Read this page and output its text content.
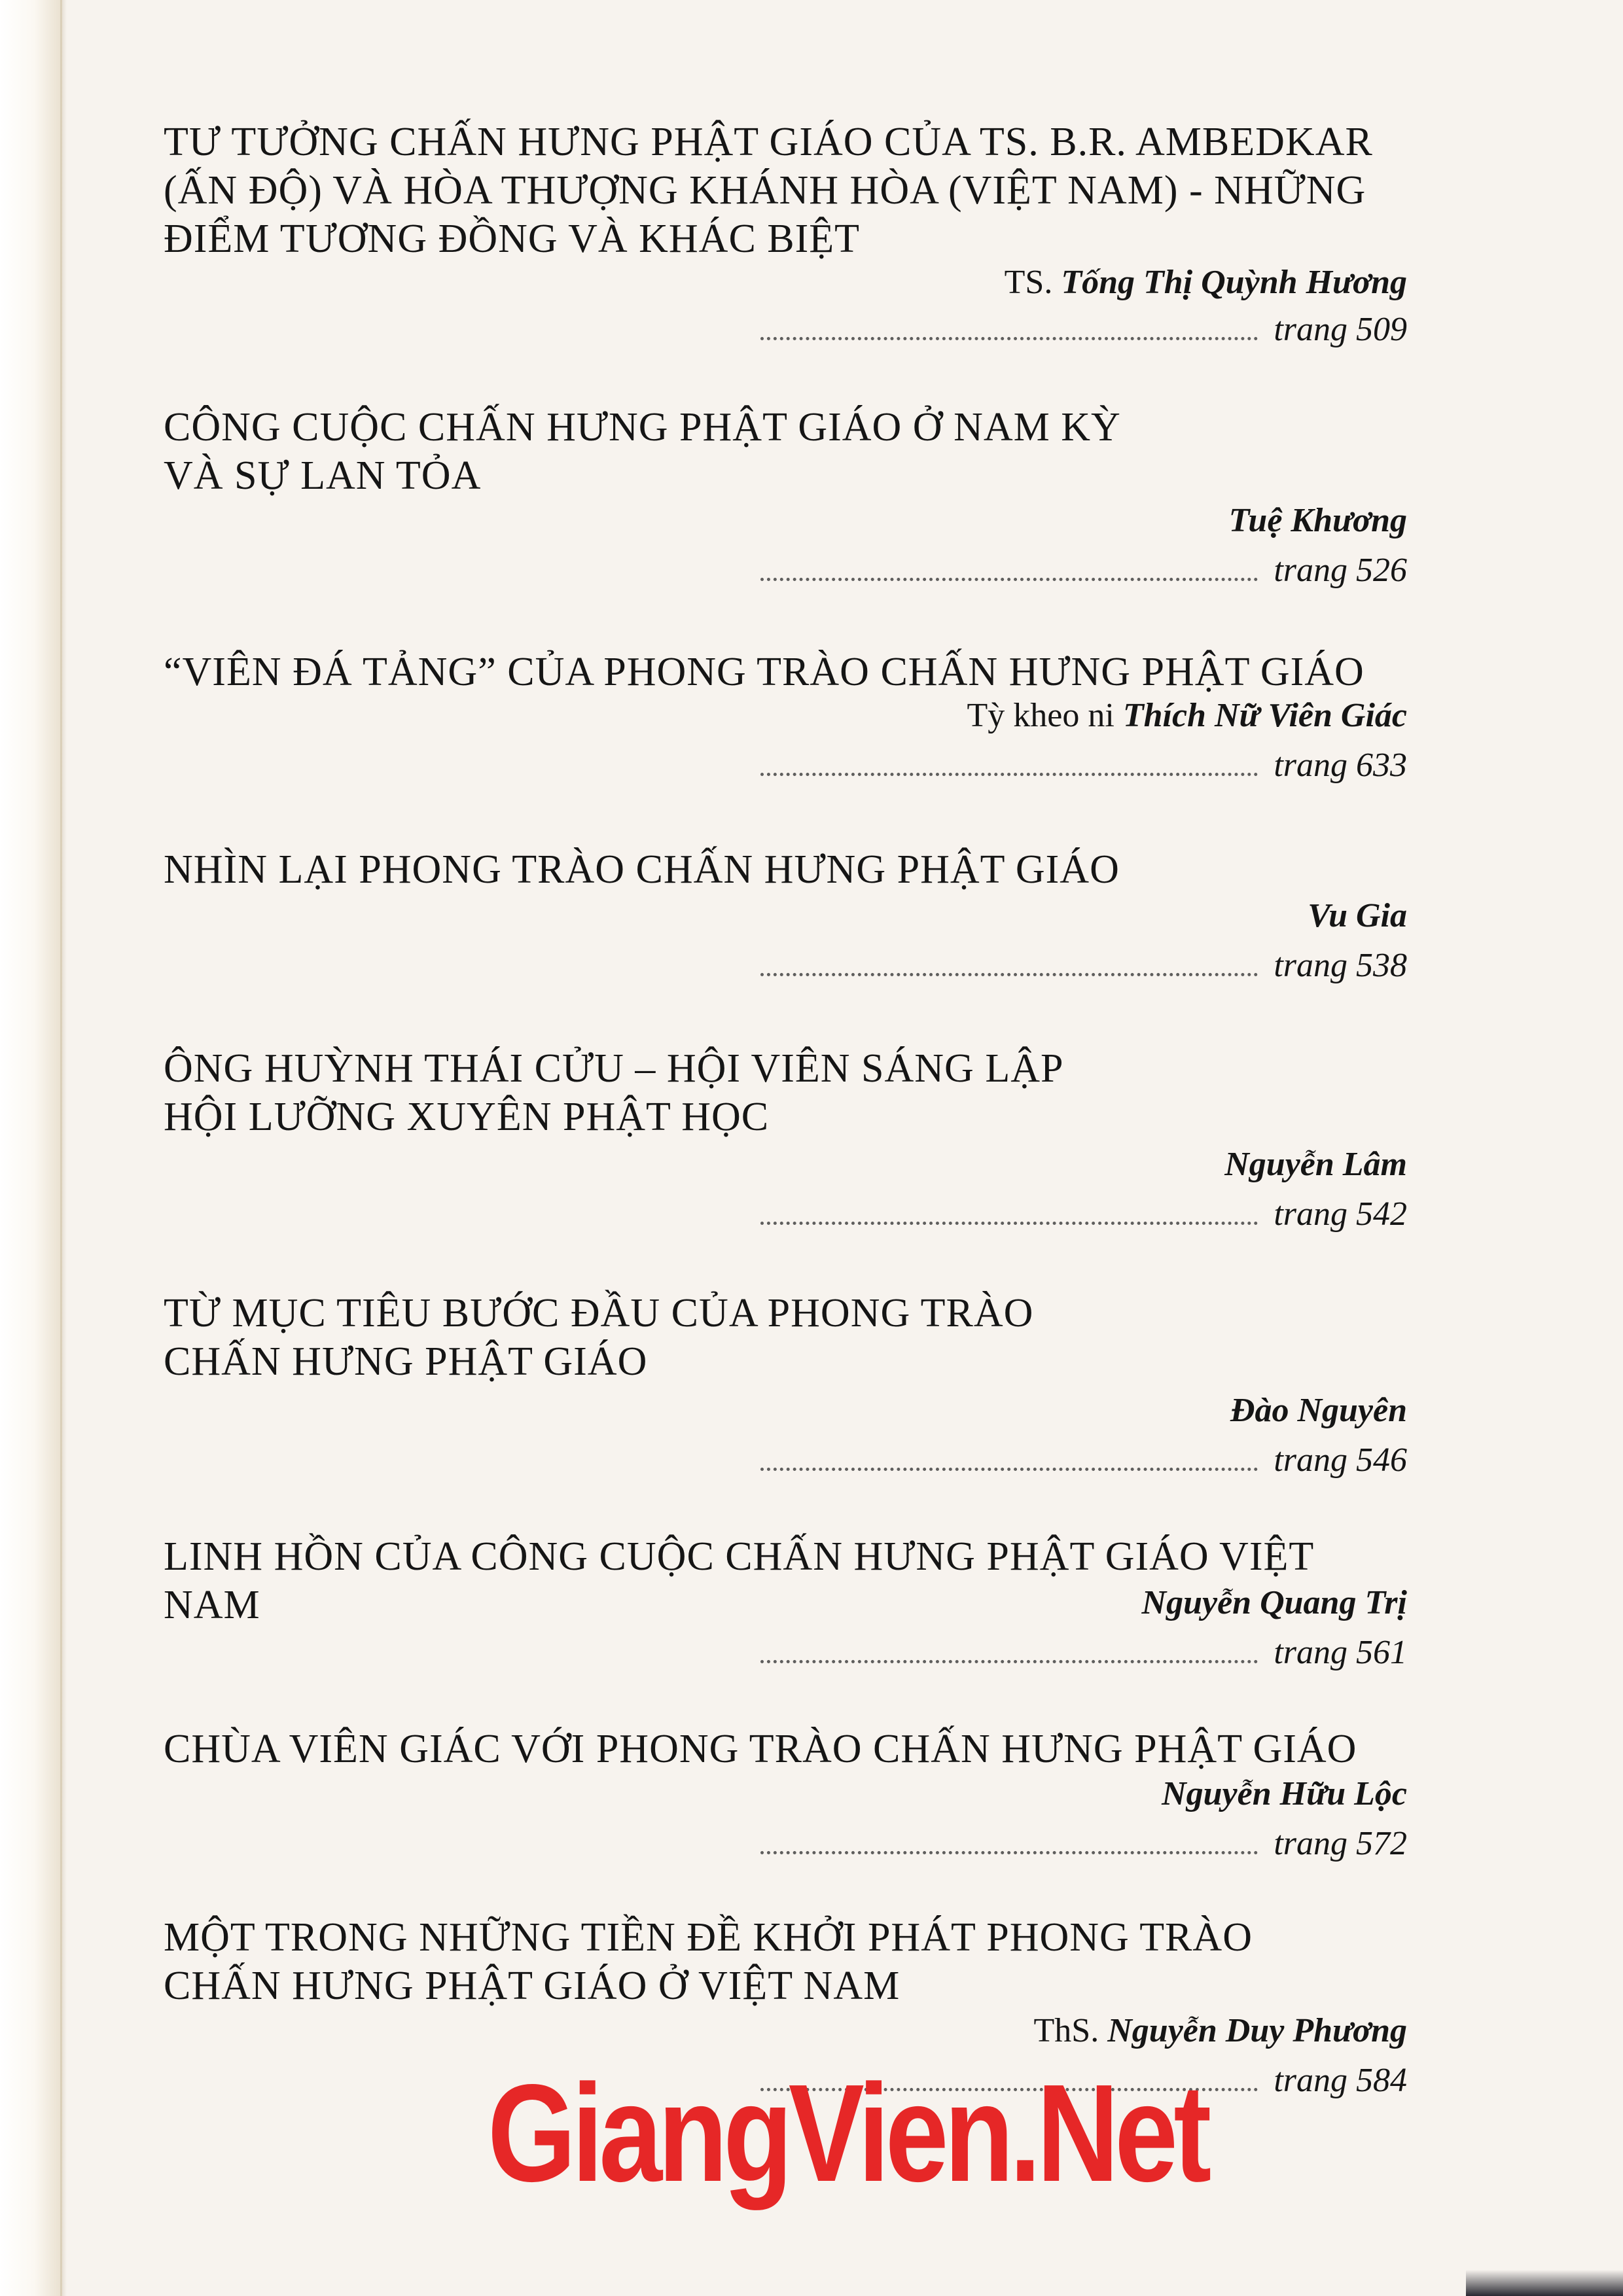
TƯ TƯỞNG CHẤN HƯNG PHẬT GIÁO CỦA TS. B.R. AMBEDKAR
(ẤN ĐỘ) VÀ HÒA THƯỢNG KHÁNH HÒA (VIỆT NAM) - NHỮNG
ĐIỂM TƯƠNG ĐỒNG VÀ KHÁC BIỆT
TS. Tống Thị Quỳnh Hương
trang 509
CÔNG CUỘC CHẤN HƯNG PHẬT GIÁO Ở NAM KỲ
VÀ SỰ LAN TỎA
Tuệ Khương
trang 526
“VIÊN ĐÁ TẢNG” CỦA PHONG TRÀO CHẤN HƯNG PHẬT GIÁO
Tỳ kheo ni Thích Nữ Viên Giác
trang 633
NHÌN LẠI PHONG TRÀO CHẤN HƯNG PHẬT GIÁO
Vu Gia
trang 538
ÔNG HUỲNH THÁI CỬU – HỘI VIÊN SÁNG LẬP
HỘI LƯỠNG XUYÊN PHẬT HỌC
Nguyễn Lâm
trang 542
TỪ MỤC TIÊU BƯỚC ĐẦU CỦA PHONG TRÀO
CHẤN HƯNG PHẬT GIÁO
Đào Nguyên
trang 546
LINH HỒN CỦA CÔNG CUỘC CHẤN HƯNG PHẬT GIÁO VIỆT NAM	Nguyễn Quang Trị
trang 561
CHÙA VIÊN GIÁC VỚI PHONG TRÀO CHẤN HƯNG PHẬT GIÁO
Nguyễn Hữu Lộc
trang 572
MỘT TRONG NHỮNG TIỀN ĐỀ KHỞI PHÁT PHONG TRÀO
CHẤN HƯNG PHẬT GIÁO Ở VIỆT NAM
ThS. Nguyễn Duy Phương
trang 584
GiangVien.Net
